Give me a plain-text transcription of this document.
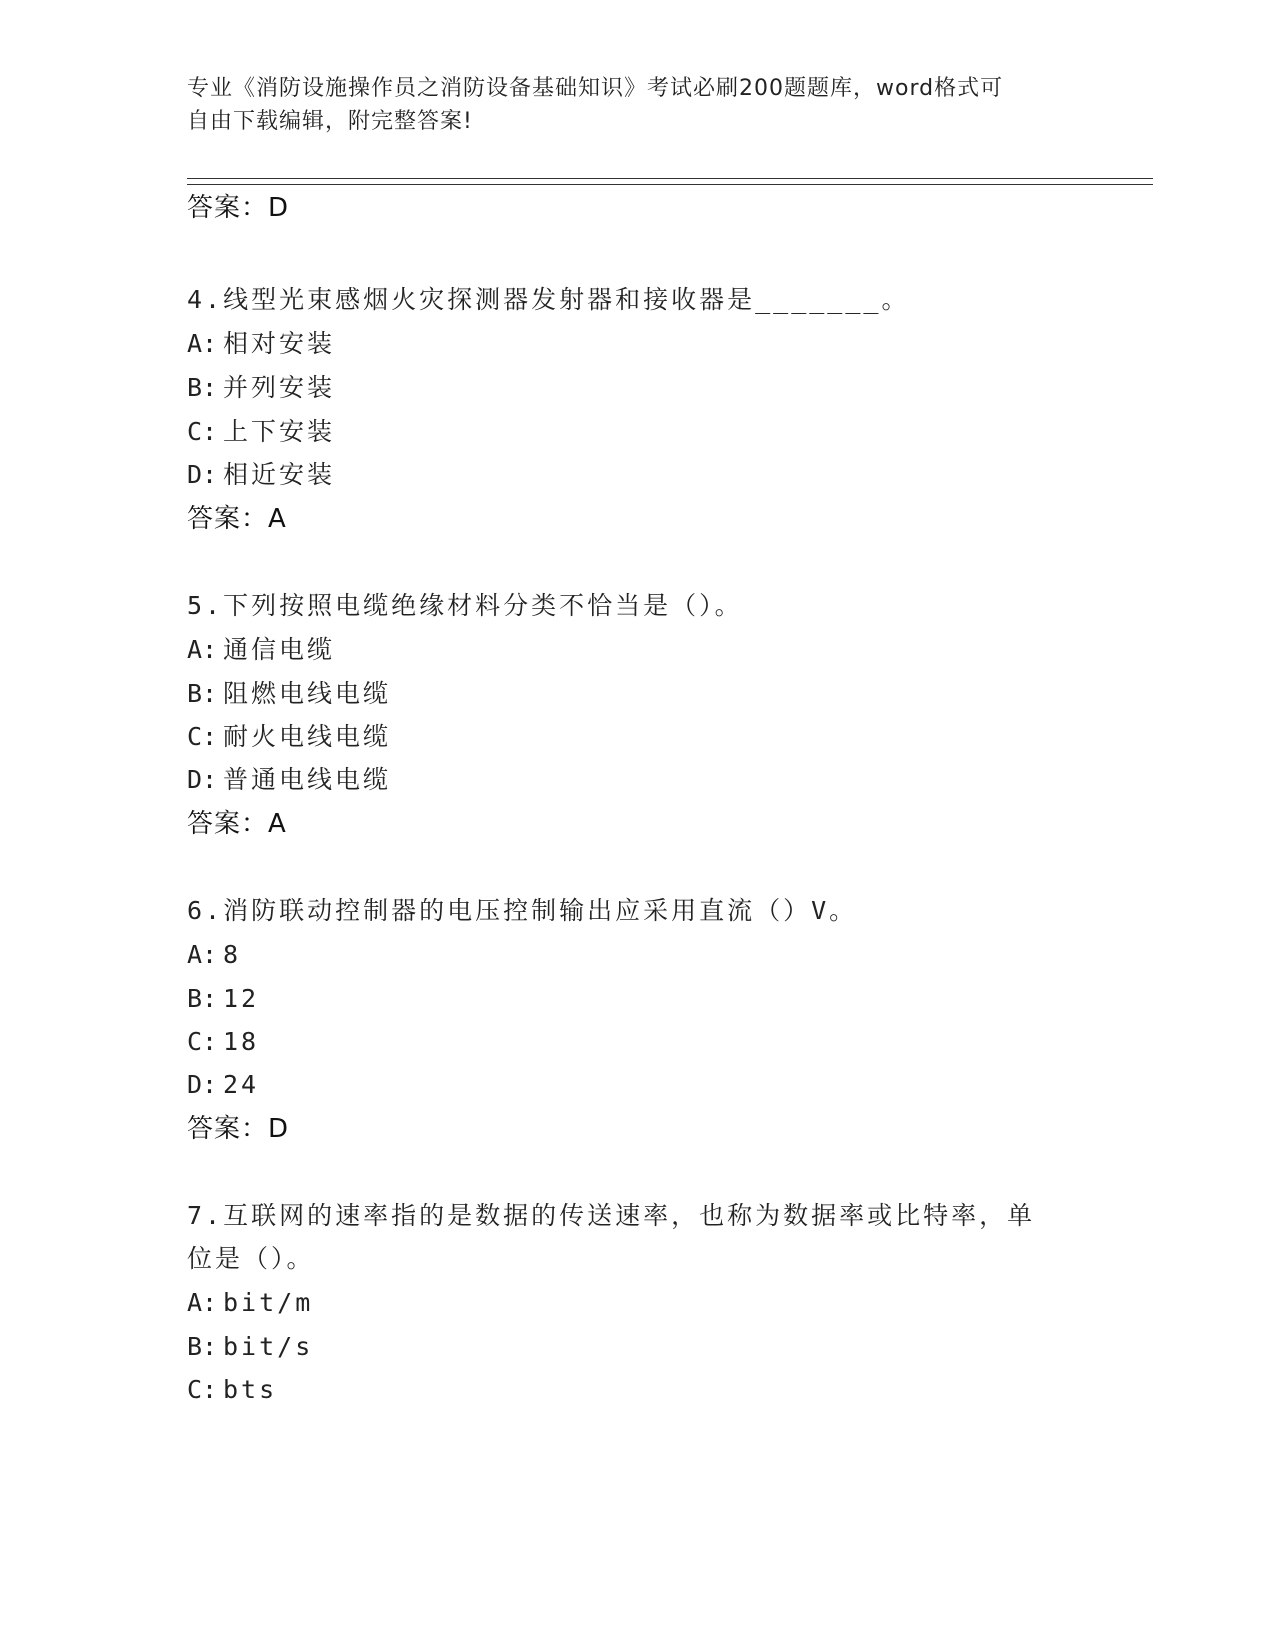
专业《消防设施操作员之消防设备基础知识》考试必刷200题题库，word格式可
自由下载编辑，附完整答案!
答案：D
4.线型光束感烟火灾探测器发射器和接收器是_______。
A: 相对安装
B: 并列安装
C: 上下安装
D: 相近安装
答案：A
5.下列按照电缆绝缘材料分类不恰当是（）。
A: 通信电缆
B: 阻燃电线电缆
C: 耐火电线电缆
D: 普通电线电缆
答案：A
6.消防联动控制器的电压控制输出应采用直流（）V。
A: 8
B: 12
C: 18
D: 24
答案：D
7.互联网的速率指的是数据的传送速率，也称为数据率或比特率，单
位是（）。
A: bit/m
B: bit/s
C: bts
